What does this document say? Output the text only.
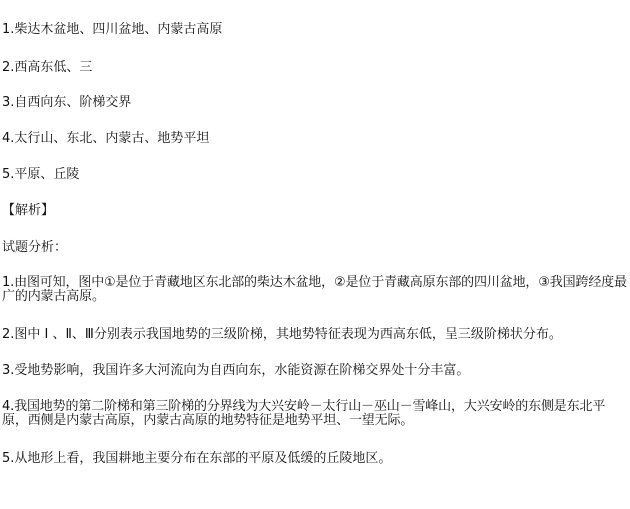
1.柴达木盆地、四川盆地、内蒙古高原

2.西高东低、三

3.自西向东、阶梯交界

4.太行山、东北、内蒙古、地势平坦

5.平原、丘陵

【解析】

试题分析：

1.由图可知，图中①是位于青藏地区东北部的柴达木盆地，②是位于青藏高原东部的四川盆地，③我国跨经度最广的内蒙古高原。

2.图中 Ⅰ 、Ⅱ、Ⅲ分别表示我国地势的三级阶梯，其地势特征表现为西高东低，呈三级阶梯状分布。

3.受地势影响，我国许多大河流向为自西向东，水能资源在阶梯交界处十分丰富。

4.我国地势的第二阶梯和第三阶梯的分界线为大兴安岭－太行山－巫山－雪峰山，大兴安岭的东侧是东北平原，西侧是内蒙古高原，内蒙古高原的地势特征是地势平坦、一望无际。

5.从地形上看，我国耕地主要分布在东部的平原及低缓的丘陵地区。
